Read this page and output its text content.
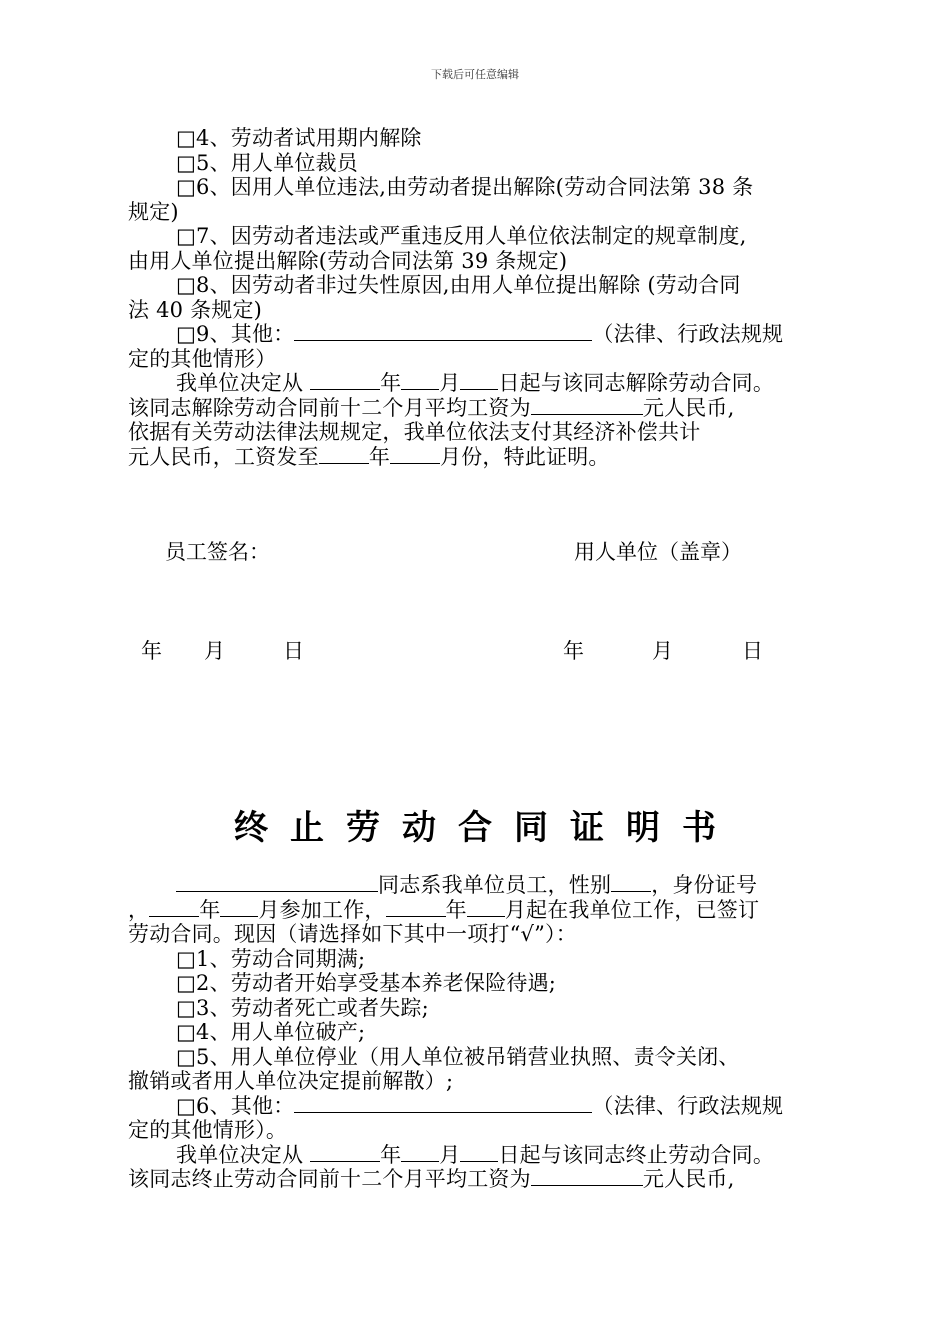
下载后可任意编辑
□4、劳动者试用期内解除
□5、用人单位裁员
□6、因用人单位违法,由劳动者提出解除(劳动合同法第 38 条
规定)
□7、因劳动者违法或严重违反用人单位依法制定的规章制度,
由用人单位提出解除(劳动合同法第 39 条规定)
□8、因劳动者非过失性原因,由用人单位提出解除 (劳动合同
法 40 条规定)
□9、其他：	（法律、行政法规规
定的其他情形）
我单位决定从	年 月 日起与该同志解除劳动合同。
该同志解除劳动合同前十二个月平均工资为	元人民币,
依据有关劳动法律法规规定，我单位依法支付其经济补偿共计
元人民币，工资发至 年 月份，特此证明。
员工签名：	用人单位（盖章）
年 月	日	年	月	日
终止劳动合同证明书
同志系我单位员工，性别 ，身份证号
， 年 月参加工作，	年 月起在我单位工作，已签订
劳动合同。现因（请选择如下其中一项打“√”）：
□1、劳动合同期满;
□2、劳动者开始享受基本养老保险待遇;
□3、劳动者死亡或者失踪;
□4、用人单位破产;
□5、用人单位停业（用人单位被吊销营业执照、责令关闭、
撤销或者用人单位决定提前解散）;
□6、其他：	（法律、行政法规规
定的其他情形）。
我单位决定从	年 月 日起与该同志终止劳动合同。
该同志终止劳动合同前十二个月平均工资为	元人民币,
